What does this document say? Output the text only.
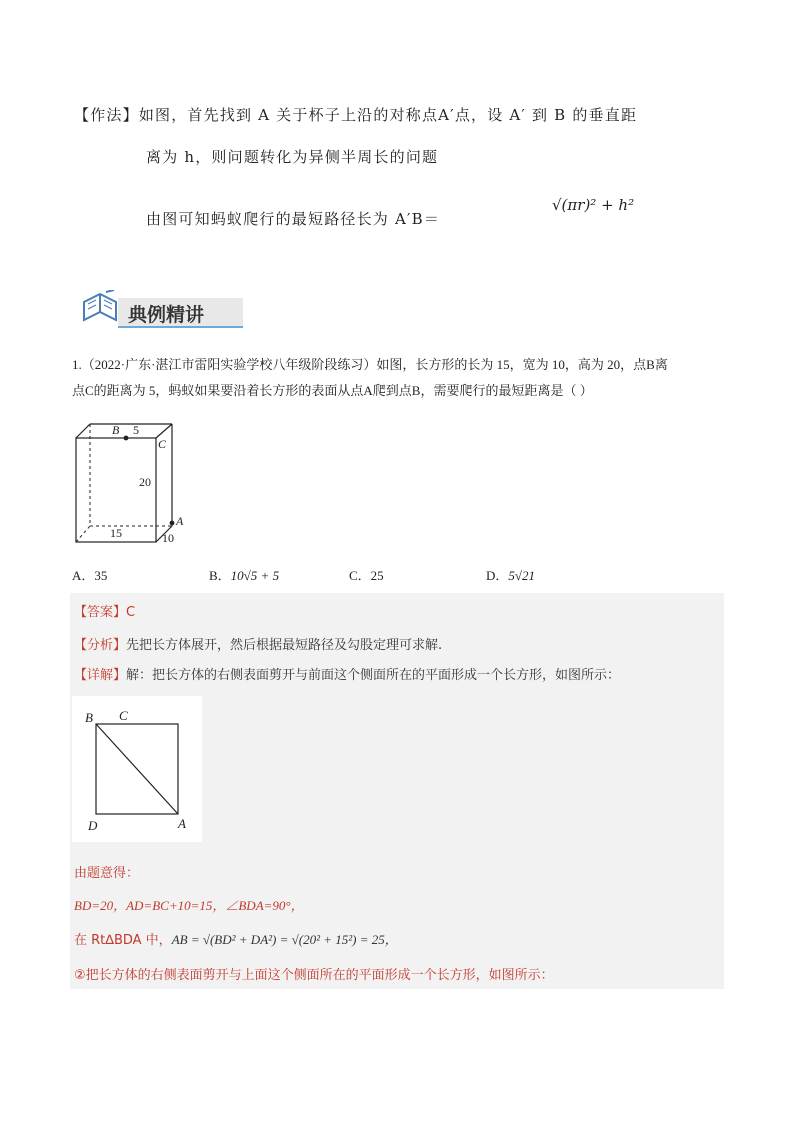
【作法】如图，首先找到 A 关于杯子上沿的对称点A′点，设 A′ 到 B 的垂直距
离为 h，则问题转化为异侧半周长的问题
由图可知蚂蚁爬行的最短路径长为 A′B＝
√(πr)² + h²
典例精讲
1.（2022·广东·湛江市雷阳实验学校八年级阶段练习）如图，长方形的长为 15，宽为 10，高为 20，点B离
点C的距离为 5，蚂蚁如果要沿着长方形的表面从点A爬到点B，需要爬行的最短距离是（ ）
B 5
C
20
A
15	10
A．35	B．10√5 + 5	C．25	D．5√21
【答案】C
【分析】先把长方体展开，然后根据最短路径及勾股定理可求解.
【详解】解：把长方体的右侧表面剪开与前面这个侧面所在的平面形成一个长方形，如图所示：
B C
D	A
由题意得：
BD=20，AD=BC+10=15，∠BDA=90°，
在 Rt∆BDA 中，AB = √(BD² + DA²) = √(20² + 15²) = 25，
②把长方体的右侧表面剪开与上面这个侧面所在的平面形成一个长方形，如图所示：
